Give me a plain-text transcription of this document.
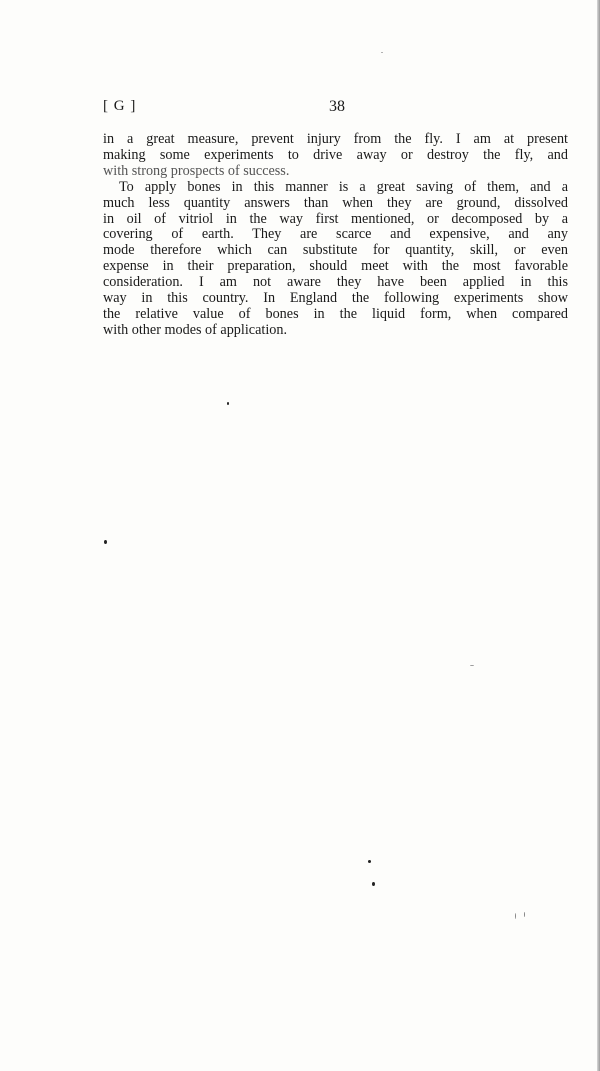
[ G ]	38
in a great measure, prevent injury from the fly. I am at present
making some experiments to drive away or destroy the fly, and
with strong prospects of success.
To apply bones in this manner is a great saving of them, and a
much less quantity answers than when they are ground, dissolved
in oil of vitriol in the way first mentioned, or decomposed by a
covering of earth. They are scarce and expensive, and any
mode therefore which can substitute for quantity, skill, or even
expense in their preparation, should meet with the most favorable
consideration. I am not aware they have been applied in this
way in this country. In England the following experiments show
the relative value of bones in the liquid form, when compared
with other modes of application.
